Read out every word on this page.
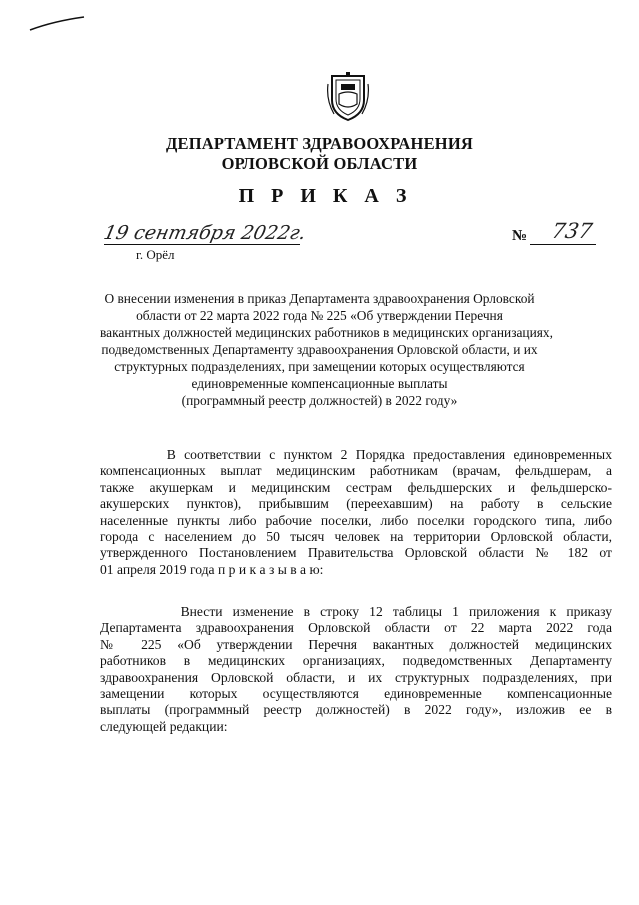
ДЕПАРТАМЕНТ ЗДРАВООХРАНЕНИЯ
ОРЛОВСКОЙ ОБЛАСТИ
П Р И К А З
19 сентября 2022г.
г. Орёл
№ 737
О внесении изменения в приказ Департамента здравоохранения Орловской
области от 22 марта 2022 года № 225 «Об утверждении Перечня
вакантных должностей медицинских работников в медицинских организациях,
подведомственных Департаменту здравоохранения Орловской области, и их
структурных подразделениях, при замещении которых осуществляются
единовременные компенсационные выплаты
(программный реестр должностей) в 2022 году»
В соответствии с пунктом 2 Порядка предоставления единовременных
компенсационных выплат медицинским работникам (врачам, фельдшерам, а
также акушеркам и медицинским сестрам фельдшерских и фельдшерско-
акушерских пунктов), прибывшим (переехавшим) на работу в сельские
населенные пункты либо рабочие поселки, либо поселки городского типа, либо
города с населением до 50 тысяч человек на территории Орловской области,
утвержденного Постановлением Правительства Орловской области № 182 от
01 апреля 2019 года п р и к а з ы в а ю:
Внести изменение в строку 12 таблицы 1 приложения к приказу
Департамента здравоохранения Орловской области от 22 марта 2022 года
№ 225 «Об утверждении Перечня вакантных должностей медицинских
работников в медицинских организациях, подведомственных Департаменту
здравоохранения Орловской области, и их структурных подразделениях, при
замещении которых осуществляются единовременные компенсационные
выплаты (программный реестр должностей) в 2022 году», изложив ее в
следующей редакции:
